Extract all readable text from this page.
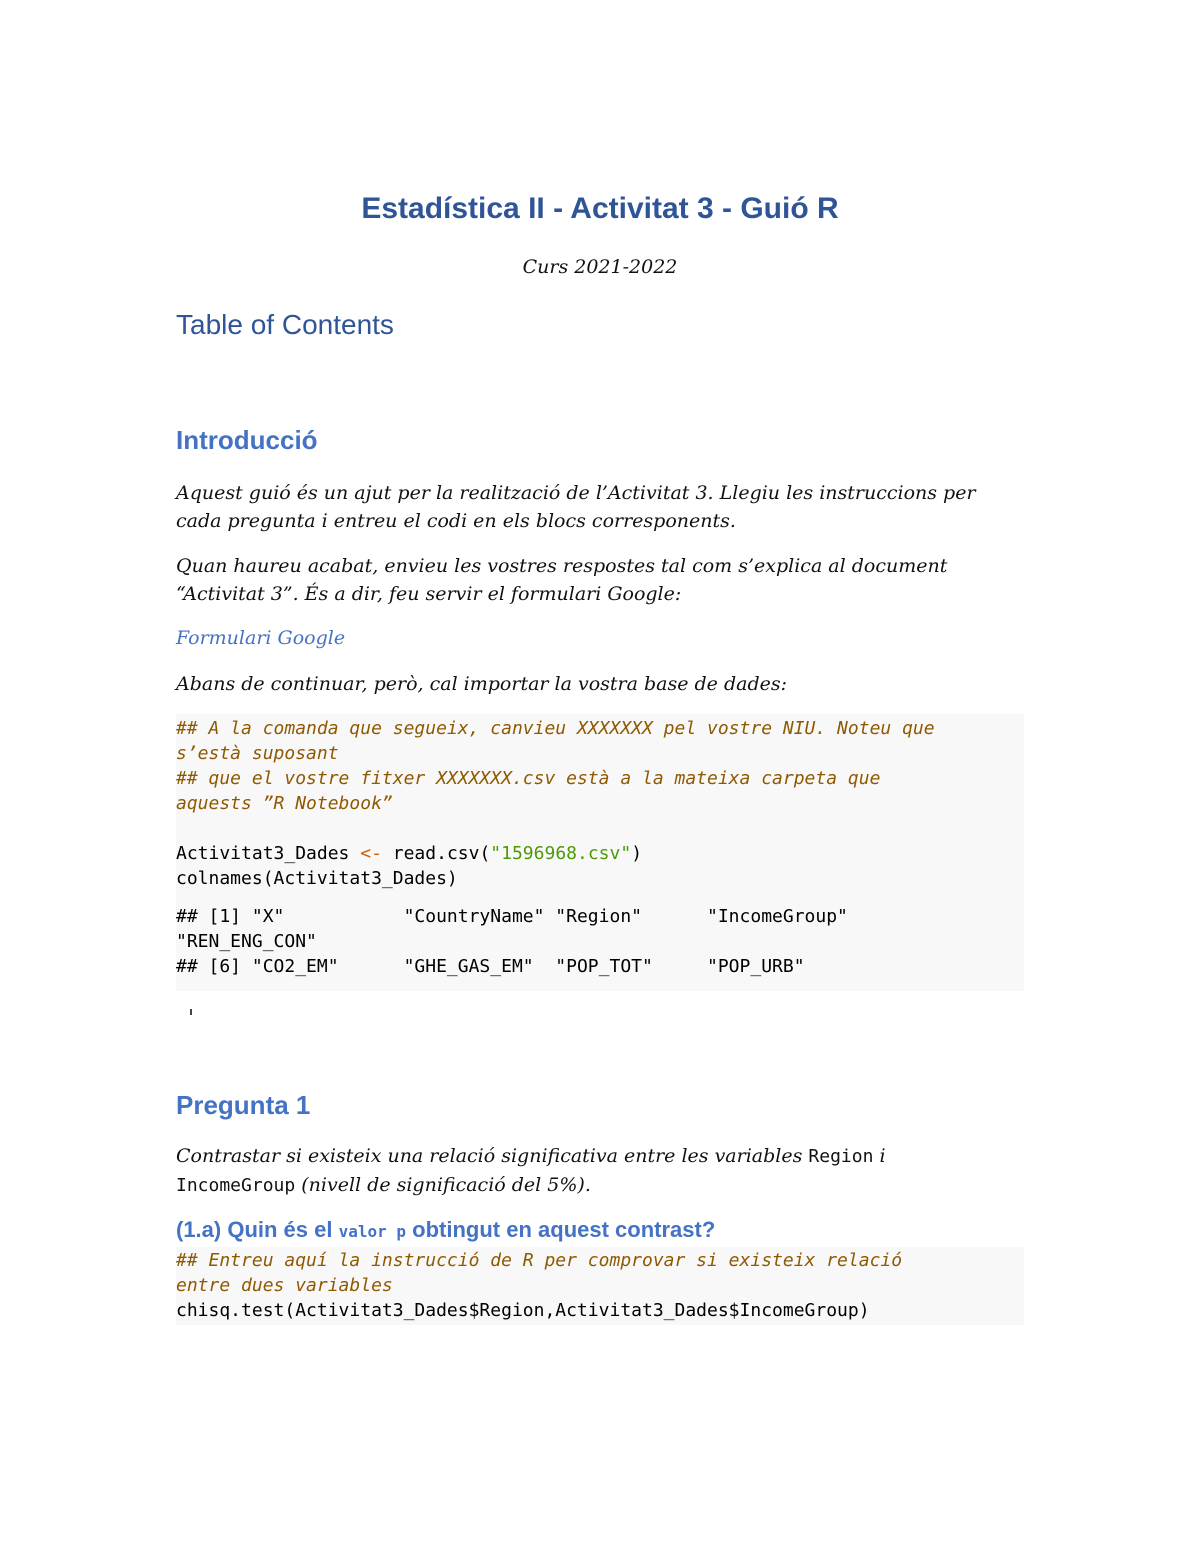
Estadística II - Activitat 3 - Guió R
Curs 2021-2022
Table of Contents
Introducció
Aquest guió és un ajut per la realització de l’Activitat 3. Llegiu les instruccions per cada pregunta i entreu el codi en els blocs corresponents.
Quan haureu acabat, envieu les vostres respostes tal com s’explica al document “Activitat 3”. És a dir, feu servir el formulari Google:
Formulari Google
Abans de continuar, però, cal importar la vostra base de dades:
## A la comanda que segueix, canvieu XXXXXXX pel vostre NIU. Noteu que
s’està suposant
## que el vostre fitxer XXXXXXX.csv està a la mateixa carpeta que
aquests ”R Notebook”
Activitat3_Dades <- read.csv("1596968.csv")
colnames(Activitat3_Dades)
## [1] "X"           "CountryName" "Region"      "IncomeGroup"
"REN_ENG_CON"
## [6] "CO2_EM"      "GHE_GAS_EM"  "POP_TOT"     "POP_URB"
Pregunta 1
Contrastar si existeix una relació significativa entre les variables Region i
IncomeGroup (nivell de significació del 5%).
(1.a) Quin és el valor p obtingut en aquest contrast?
## Entreu aquí la instrucció de R per comprovar si existeix relació
entre dues variables
chisq.test(Activitat3_Dades$Region,Activitat3_Dades$IncomeGroup)
